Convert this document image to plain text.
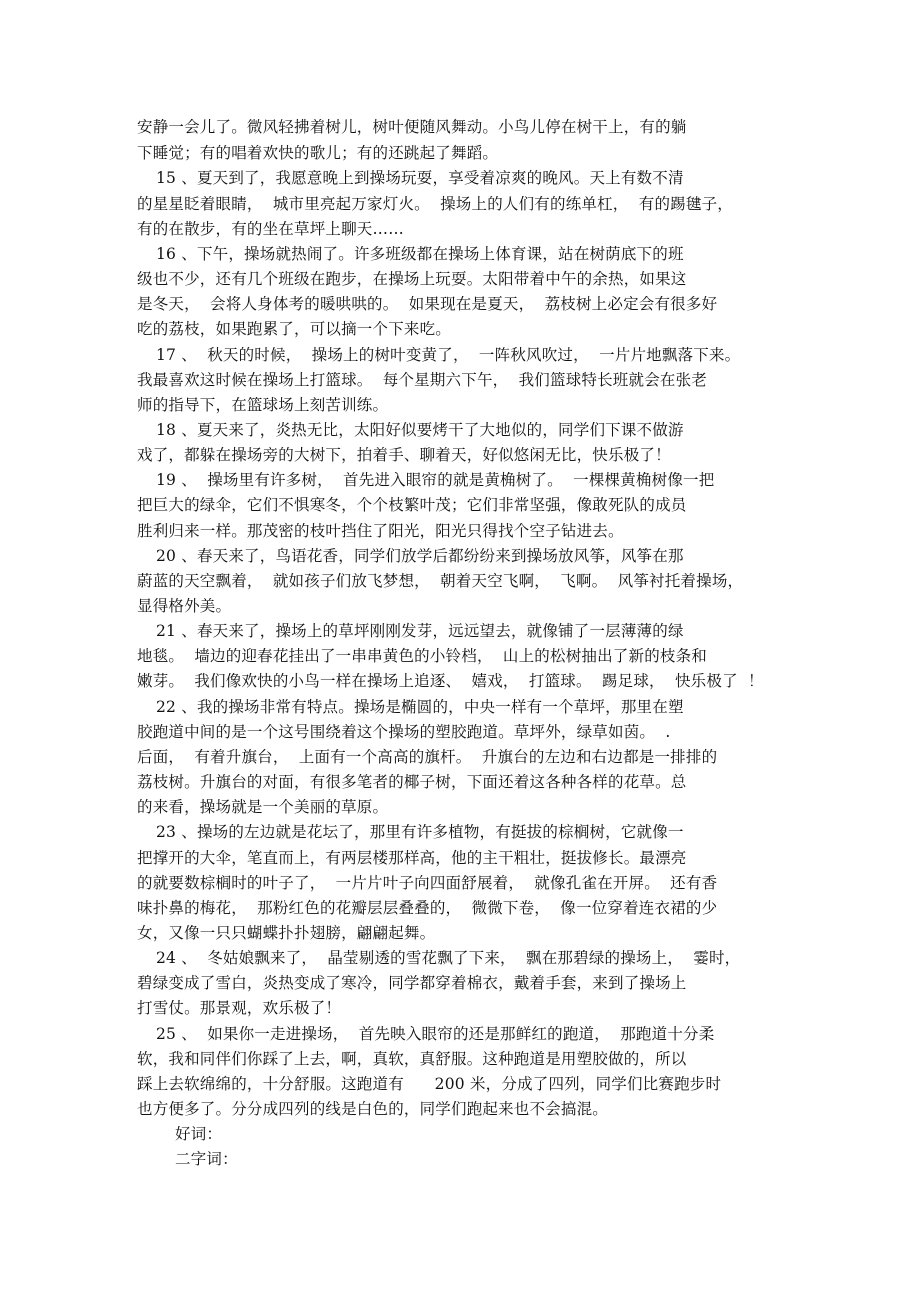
安静一会儿了。微风轻拂着树儿，树叶便随风舞动。小鸟儿停在树干上，有的躺
下睡觉；有的唱着欢快的歌儿；有的还跳起了舞蹈。
15 、夏天到了，我愿意晚上到操场玩耍，享受着凉爽的晚风。天上有数不清
的星星眨着眼睛，  城市里亮起万家灯火。  操场上的人们有的练单杠，  有的踢毽子，
有的在散步，有的坐在草坪上聊天……
16 、下午，操场就热闹了。许多班级都在操场上体育课，站在树荫底下的班
级也不少，还有几个班级在跑步，在操场上玩耍。太阳带着中午的余热，如果这
是冬天，  会将人身体考的暖哄哄的。  如果现在是夏天，  荔枝树上必定会有很多好
吃的荔枝，如果跑累了，可以摘一个下来吃。
17 、  秋天的时候，  操场上的树叶变黄了，  一阵秋风吹过，  一片片地飘落下来。
我最喜欢这时候在操场上打篮球。  每个星期六下午，  我们篮球特长班就会在张老
师的指导下，在篮球场上刻苦训练。
18 、夏天来了，炎热无比，太阳好似要烤干了大地似的，同学们下课不做游
戏了，都躲在操场旁的大树下，拍着手、聊着天，好似悠闲无比，快乐极了！
19 、  操场里有许多树，  首先进入眼帘的就是黄桷树了。  一棵棵黄桷树像一把
把巨大的绿伞，它们不惧寒冬，个个枝繁叶茂；它们非常坚强，像敢死队的成员
胜利归来一样。那茂密的枝叶挡住了阳光，阳光只得找个空子钻进去。
20 、春天来了，鸟语花香，同学们放学后都纷纷来到操场放风筝，风筝在那
蔚蓝的天空飘着，  就如孩子们放飞梦想，  朝着天空飞啊，  飞啊。  风筝衬托着操场，
显得格外美。
21 、春天来了，操场上的草坪刚刚发芽，远远望去，就像铺了一层薄薄的绿
地毯。  墙边的迎春花挂出了一串串黄色的小铃档，  山上的松树抽出了新的枝条和
嫩芽。  我们像欢快的小鸟一样在操场上追逐、  嬉戏，  打篮球。  踢足球，  快乐极了  ！
22 、我的操场非常有特点。操场是椭圆的，中央一样有一个草坪，那里在塑
胶跑道中间的是一个这号围绕着这个操场的塑胶跑道。草坪外，绿草如茵。  .
后面，  有着升旗台，  上面有一个高高的旗杆。  升旗台的左边和右边都是一排排的
荔枝树。升旗台的对面，有很多笔者的椰子树，下面还着这各种各样的花草。总
的来看，操场就是一个美丽的草原。
23 、操场的左边就是花坛了，那里有许多植物，有挺拔的棕榈树，它就像一
把撑开的大伞，笔直而上，有两层楼那样高，他的主干粗壮，挺拔修长。最漂亮
的就要数棕榈时的叶子了，  一片片叶子向四面舒展着，  就像孔雀在开屏。  还有香
味扑鼻的梅花，  那粉红色的花瓣层层叠叠的，  微微下卷，  像一位穿着连衣裙的少
女，又像一只只蝴蝶扑扑翅膀，翩翩起舞。
24 、  冬姑娘飘来了，  晶莹剔透的雪花飘了下来，  飘在那碧绿的操场上，  霎时，
碧绿变成了雪白，炎热变成了寒冷，同学都穿着棉衣，戴着手套，来到了操场上
打雪仗。那景观，欢乐极了！
25 、  如果你一走进操场，  首先映入眼帘的还是那鲜红的跑道，  那跑道十分柔
软，我和同伴们你踩了上去，啊，真软，真舒服。这种跑道是用塑胶做的，所以
踩上去软绵绵的，十分舒服。这跑道有      200 米，分成了四列，同学们比赛跑步时
也方便多了。分分成四列的线是白色的，同学们跑起来也不会搞混。
好词：
二字词：
